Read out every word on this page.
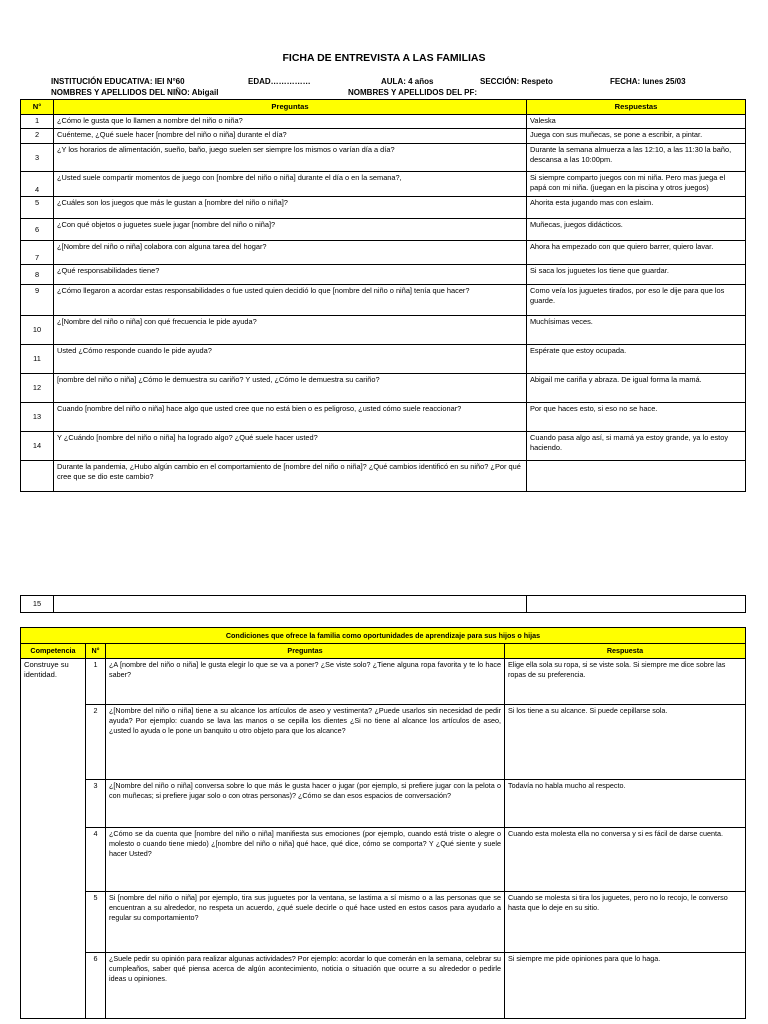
FICHA DE ENTREVISTA A LAS FAMILIAS
INSTITUCIÓN EDUCATIVA: IEI N°60	EDAD……………	AULA: 4 años	SECCIÓN: Respeto	FECHA: lunes 25/03
NOMBRES Y APELLIDOS DEL NIÑO: Abigail	NOMBRES Y APELLIDOS DEL PF:
N°	Preguntas	Respuestas
1	¿Cómo le gusta que lo llamen a nombre del niño o niña?	Valeska
2	Cuénteme, ¿Qué suele hacer [nombre del niño o niña] durante el día?	Juega con sus muñecas, se pone a escribir, a pintar.
3	¿Y los horarios de alimentación, sueño, baño, juego suelen ser siempre los mismos o varían día a día?	Durante la semana almuerza a las 12:10, a las 11:30 la baño, descansa a las 10:00pm.
4	¿Usted suele compartir momentos de juego con [nombre del niño o niña] durante el día o en la semana?,	Si siempre comparto juegos con mi niña. Pero mas juega el papá con mi niña. (juegan en la piscina y otros juegos)
5	¿Cuáles son los juegos que más le gustan a [nombre del niño o niña]?	Ahorita esta jugando mas con eslaim.
6	¿Con qué objetos o juguetes suele jugar [nombre del niño o niña]?	Muñecas, juegos didácticos.
7	¿[Nombre del niño o niña] colabora con alguna tarea del hogar?	Ahora ha empezado con que quiero barrer, quiero lavar.
8	¿Qué responsabilidades tiene?	Si saca los juguetes los tiene que guardar.
9	¿Cómo llegaron a acordar estas responsabilidades o fue usted quien decidió lo que [nombre del niño o niña] tenía que hacer?	Como veía los juguetes tirados, por eso le dije para que los guarde.
10	¿[Nombre del niño o niña] con qué frecuencia le pide ayuda?	Muchísimas veces.
11	Usted ¿Cómo responde cuando le pide ayuda?	Espérate que estoy ocupada.
12	[nombre del niño o niña] ¿Cómo le demuestra su cariño? Y usted, ¿Cómo le demuestra su cariño?	Abigail me cariña y abraza. De igual forma la mamá.
13	Cuando [nombre del niño o niña] hace algo que usted cree que no está bien o es peligroso, ¿usted cómo suele reaccionar?	Por que haces esto, si eso no se hace.
14	Y ¿Cuándo [nombre del niño o niña] ha logrado algo? ¿Qué suele hacer usted?	Cuando pasa algo así, si mamá ya estoy grande, ya lo estoy haciendo.
	Durante la pandemia, ¿Hubo algún cambio en el comportamiento de [nombre del niño o niña]? ¿Qué cambios identificó en su niño? ¿Por qué cree que se dio este cambio?	
15		
Condiciones que ofrece la familia como oportunidades de aprendizaje para sus hijos o hijas			
Competencia	N°	Preguntas	Respuesta
Construye su identidad.	1	¿A [nombre del niño o niña] le gusta elegir lo que se va a poner? ¿Se viste solo? ¿Tiene alguna ropa favorita y te lo hace saber?	Elige ella sola su ropa, si se viste sola. Si siempre me dice sobre las ropas de su preferencia.
	2	¿[Nombre del niño o niña] tiene a su alcance los artículos de aseo y vestimenta? ¿Puede usarlos sin necesidad de pedir ayuda? Por ejemplo: cuando se lava las manos o se cepilla los dientes ¿Si no tiene al alcance los artículos de aseo, ¿usted lo ayuda o le pone un banquito u otro objeto para que los alcance?	Si los tiene a su alcance. Si puede cepillarse sola.
	3	¿[Nombre del niño o niña] conversa sobre lo que más le gusta hacer o jugar (por ejemplo, si prefiere jugar con la pelota o con muñecas; si prefiere jugar solo o con otras personas)? ¿Cómo se dan esos espacios de conversación?	Todavía no habla mucho al respecto.
	4	¿Cómo se da cuenta que [nombre del niño o niña] manifiesta sus emociones (por ejemplo, cuando está triste o alegre o molesto o cuando tiene miedo) ¿[nombre del niño o niña] qué hace, qué dice, cómo se comporta? Y ¿Qué siente y suele hacer Usted?	Cuando esta molesta ella no conversa y si es fácil de darse cuenta.
	5	Si [nombre del niño o niña] por ejemplo, tira sus juguetes por la ventana, se lastima a sí mismo o a las personas que se encuentran a su alrededor, no respeta un acuerdo, ¿qué suele decirle o qué hace usted en estos casos para ayudarlo a regular su comportamiento?	Cuando se molesta si tira los juguetes, pero no lo recojo, le converso hasta que lo deje en su sitio.
	6	¿Suele pedir su opinión para realizar algunas actividades? Por ejemplo: acordar lo que comerán en la semana, celebrar su cumpleaños, saber qué piensa acerca de algún acontecimiento, noticia o situación que ocurre a su alrededor o pedirle ideas u opiniones.	Si siempre me pide opiniones para que lo haga.
